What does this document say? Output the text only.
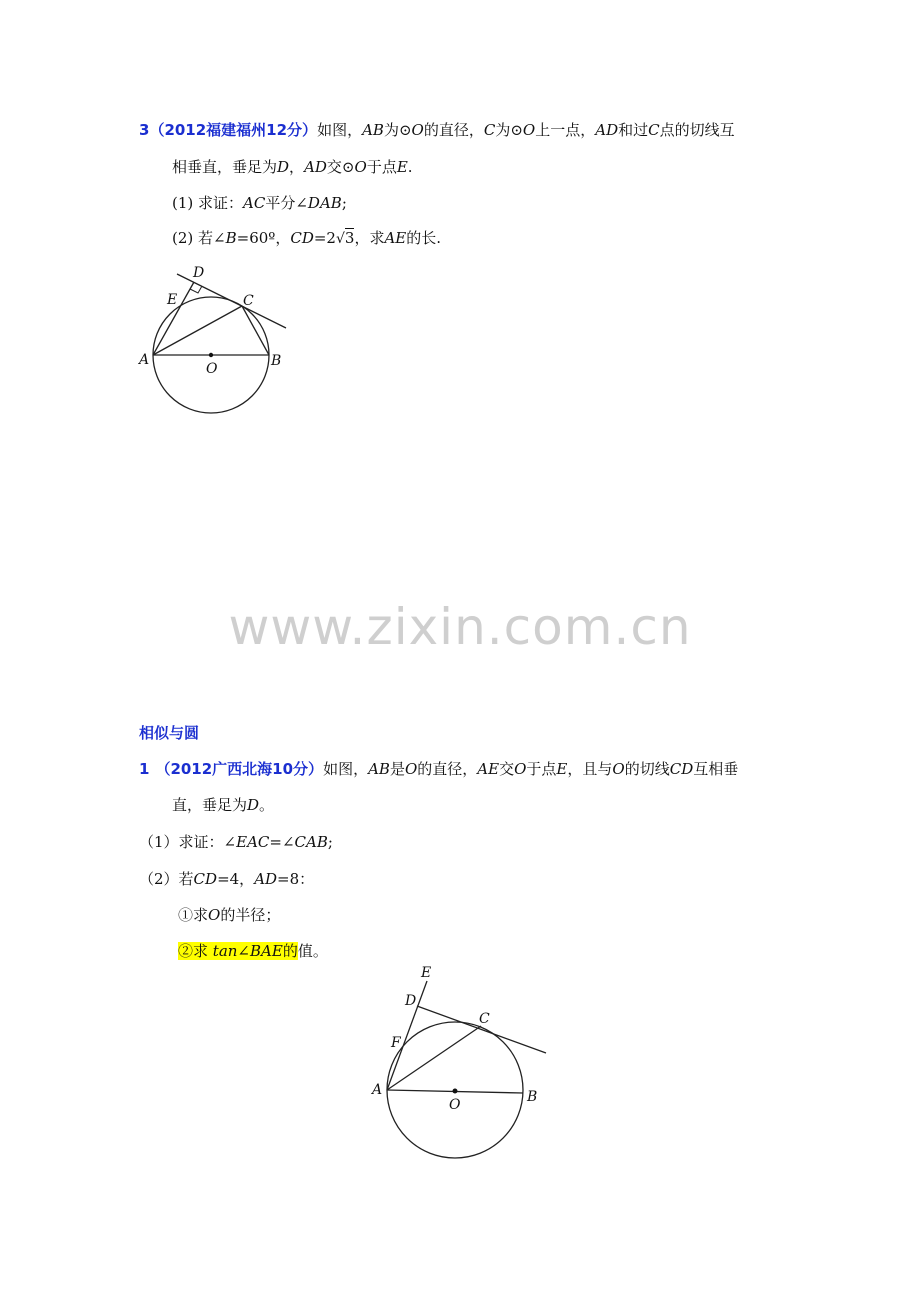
3（2012福建福州12分）如图，AB为⊙O的直径，C为⊙O上一点，AD和过C点的切线互
相垂直，垂足为D，AD交⊙O于点E.
(1) 求证：AC平分∠DAB;
(2) 若∠B=60º，CD=2√3，求AE的长.
D
E	C
A
O	B
www.zixin.com.cn
相似与圆
1 （2012广西北海10分）如图，AB是O的直径，AE交O于点E，且与O的切线CD互相垂
直，垂足为D。
（1）求证：∠EAC=∠CAB;
（2）若CD=4，AD=8：
①求O的半径；
②求 tan∠BAE的值。
E
D
C
F
A
O	B
